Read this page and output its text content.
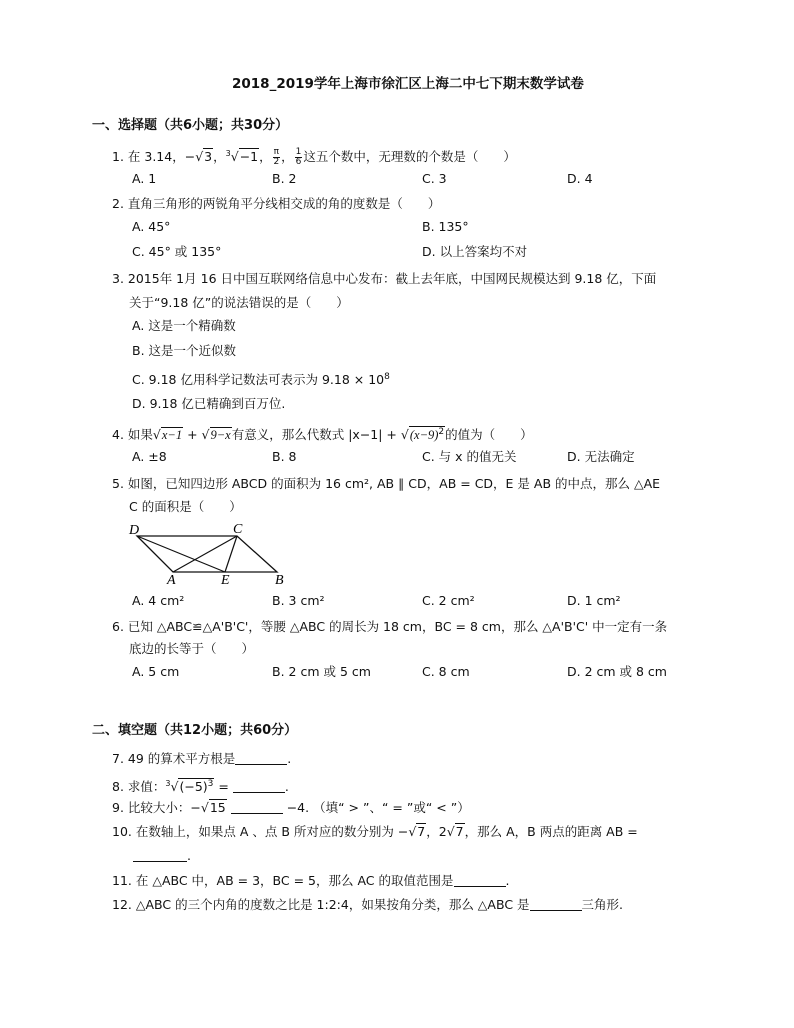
2018_2019学年上海市徐汇区上海二中七下期末数学试卷
一、选择题（共6小题；共30分）
1. 在 3.14，−√3，$^3$√−1， $\frac{\pi}{2}$ ， $\frac{1}{6}$ 这五个数中，无理数的个数是（　　）
A. 1	B. 2	C. 3	D. 4
2. 直角三角形的两锐角平分线相交成的角的度数是（　　）
A. 45°	B. 135°
C. 45° 或 135°	D. 以上答案均不对
3. 2015年 1月 16 日中国互联网络信息中心发布：截上去年底，中国网民规模达到 9.18 亿，下面
关于“9.18 亿”的说法错误的是（　　）
A. 这是一个精确数
B. 这是一个近似数
C. 9.18 亿用科学记数法可表示为 $9.18 \times 10^8$
D. 9.18 亿已精确到百万位.
4. 如果√x−1 + √9−x有意义，那么代数式 $|x-1| + √(x-9)^2$的值为（　　）
A. ±8	B. 8	C. 与 x 的值无关	D. 无法确定
5. 如图，已知四边形 ABCD 的面积为 16 cm², AB ∥ CD，AB = CD，E 是 AB 的中点，那么 △AE
C 的面积是（　　）
D	C
A	E	B
A. 4 cm²	B. 3 cm²	C. 2 cm²	D. 1 cm²
6. 已知 △ABC≌△A'B'C'，等腰 △ABC 的周长为 18 cm，BC = 8 cm，那么 △A'B'C' 中一定有一条
底边的长等于（　　）
A. 5 cm	B. 2 cm 或 5 cm	C. 8 cm	D. 2 cm 或 8 cm
二、填空题（共12小题；共60分）
7. 49 的算术平方根是	.
8. 求值：$^3√(-5)^3$ =	.
9. 比较大小：−√15	−4. （填“ > ”、“ = ”或“ < ”）
10. 在数轴上，如果点 A 、点 B 所对应的数分别为 −√7，2√7，那么 A，B 两点的距离 AB =
.
11. 在 △ABC 中，AB = 3，BC = 5，那么 AC 的取值范围是	.
12. △ABC 的三个内角的度数之比是 1:2:4，如果按角分类，那么 △ABC 是	三角形.
